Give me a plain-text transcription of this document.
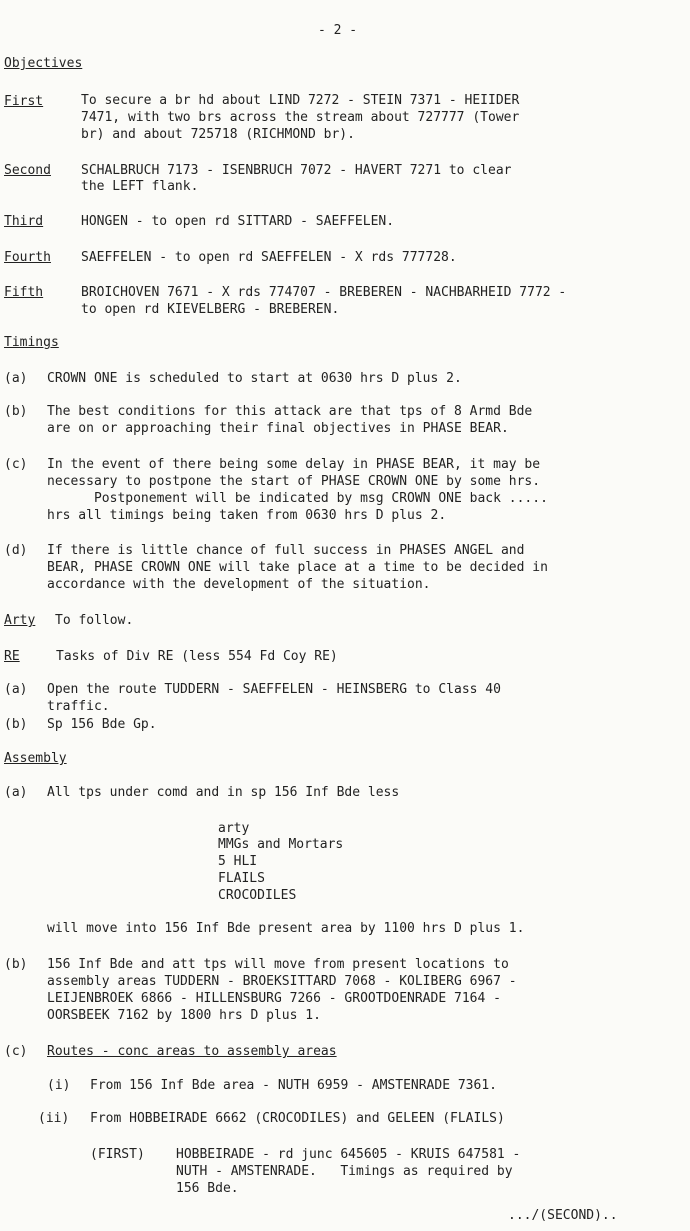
- 2 -
Objectives
First	To secure a br hd about LIND 7272 - STEIN 7371 - HEIIDER
7471, with two brs across the stream about 727777 (Tower
br) and about 725718 (RICHMOND br).
Second SCHALBRUCH 7173 - ISENBRUCH 7072 - HAVERT 7271 to clear
the LEFT flank.
Third	HONGEN - to open rd SITTARD - SAEFFELEN.
Fourth SAEFFELEN - to open rd SAEFFELEN - X rds 777728.
Fifth	BROICHOVEN 7671 - X rds 774707 - BREBEREN - NACHBARHEID 7772 -
to open rd KIEVELBERG - BREBEREN.
Timings
(a) CROWN ONE is scheduled to start at 0630 hrs D plus 2.
(b) The best conditions for this attack are that tps of 8 Armd Bde
are on or approaching their final objectives in PHASE BEAR.
(c) In the event of there being some delay in PHASE BEAR, it may be
necessary to postpone the start of PHASE CROWN ONE by some hrs.
Postponement will be indicated by msg CROWN ONE back .....
hrs all timings being taken from 0630 hrs D plus 2.
(d) If there is little chance of full success in PHASES ANGEL and
BEAR, PHASE CROWN ONE will take place at a time to be decided in
accordance with the development of the situation.
Arty To follow.
RE	Tasks of Div RE (less 554 Fd Coy RE)
(a) Open the route TUDDERN - SAEFFELEN - HEINSBERG to Class 40
traffic.
(b) Sp 156 Bde Gp.
Assembly
(a) All tps under comd and in sp 156 Inf Bde less
arty
MMGs and Mortars
5 HLI
FLAILS
CROCODILES
will move into 156 Inf Bde present area by 1100 hrs D plus 1.
(b) 156 Inf Bde and att tps will move from present locations to
assembly areas TUDDERN - BROEKSITTARD 7068 - KOLIBERG 6967 -
LEIJENBROEK 6866 - HILLENSBURG 7266 - GROOTDOENRADE 7164 -
OORSBEEK 7162 by 1800 hrs D plus 1.
(c) Routes - conc areas to assembly areas
(i) From 156 Inf Bde area - NUTH 6959 - AMSTENRADE 7361.
(ii) From HOBBEIRADE 6662 (CROCODILES) and GELEEN (FLAILS)
(FIRST) HOBBEIRADE - rd junc 645605 - KRUIS 647581 -
NUTH - AMSTENRADE.   Timings as required by
156 Bde.
.../(SECOND)..
